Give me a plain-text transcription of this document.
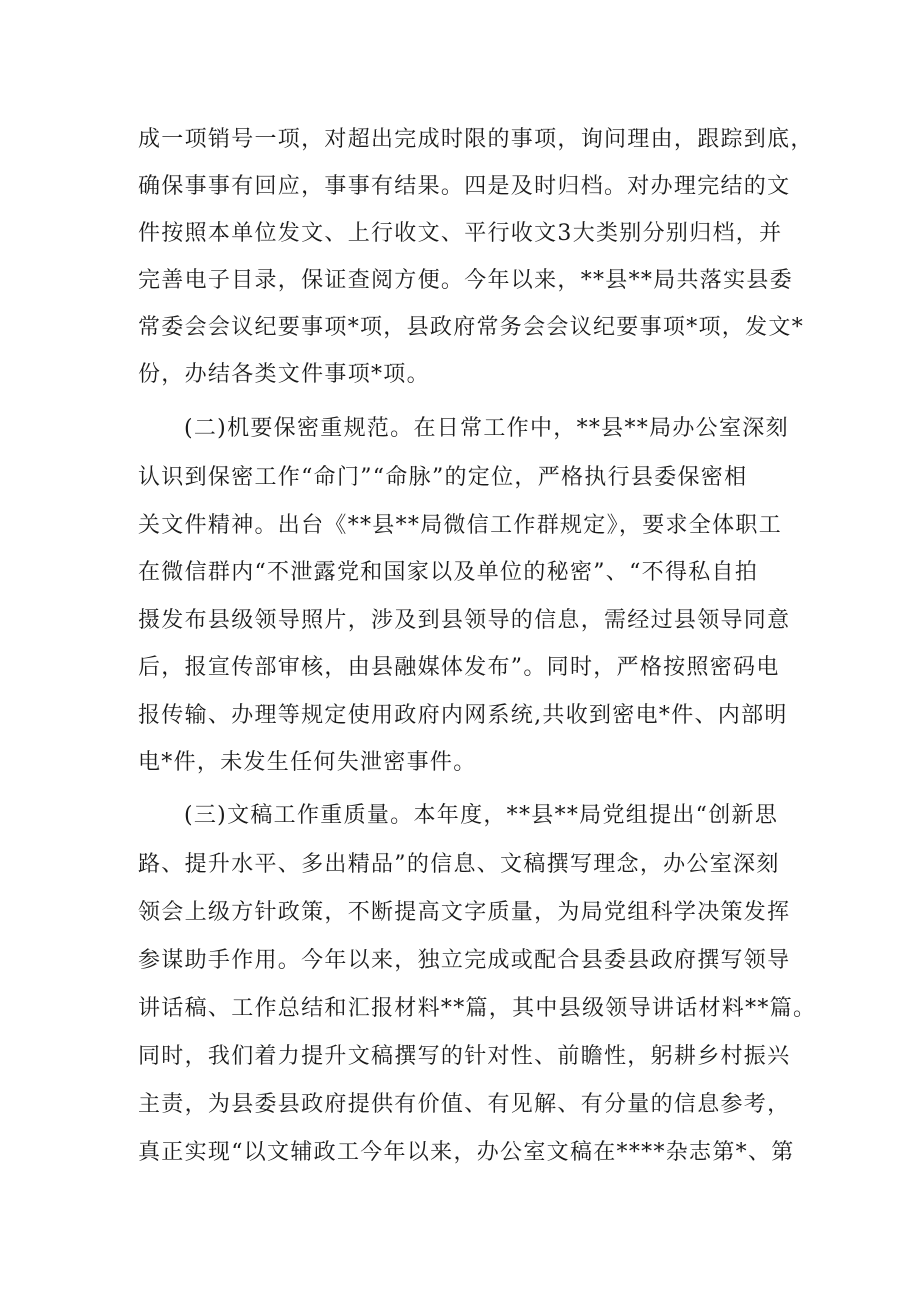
成一项销号一项，对超出完成时限的事项，询问理由，跟踪到底，
确保事事有回应，事事有结果。四是及时归档。对办理完结的文
件按照本单位发文、上行收文、平行收文3大类别分别归档，并
完善电子目录，保证查阅方便。今年以来，**县**局共落实县委
常委会会议纪要事项*项，县政府常务会会议纪要事项*项，发文*
份，办结各类文件事项*项。
(二)机要保密重规范。在日常工作中，**县**局办公室深刻
认识到保密工作“命门”“命脉”的定位，严格执行县委保密相
关文件精神。出台《**县**局微信工作群规定》，要求全体职工
在微信群内“不泄露党和国家以及单位的秘密”、“不得私自拍
摄发布县级领导照片，涉及到县领导的信息，需经过县领导同意
后，报宣传部审核，由县融媒体发布”。同时，严格按照密码电
报传输、办理等规定使用政府内网系统,共收到密电*件、内部明
电*件，未发生任何失泄密事件。
(三)文稿工作重质量。本年度，**县**局党组提出“创新思
路、提升水平、多出精品”的信息、文稿撰写理念，办公室深刻
领会上级方针政策，不断提高文字质量，为局党组科学决策发挥
参谋助手作用。今年以来，独立完成或配合县委县政府撰写领导
讲话稿、工作总结和汇报材料**篇，其中县级领导讲话材料**篇。
同时，我们着力提升文稿撰写的针对性、前瞻性，躬耕乡村振兴
主责，为县委县政府提供有价值、有见解、有分量的信息参考，
真正实现“以文辅政工今年以来，办公室文稿在****杂志第*、第
